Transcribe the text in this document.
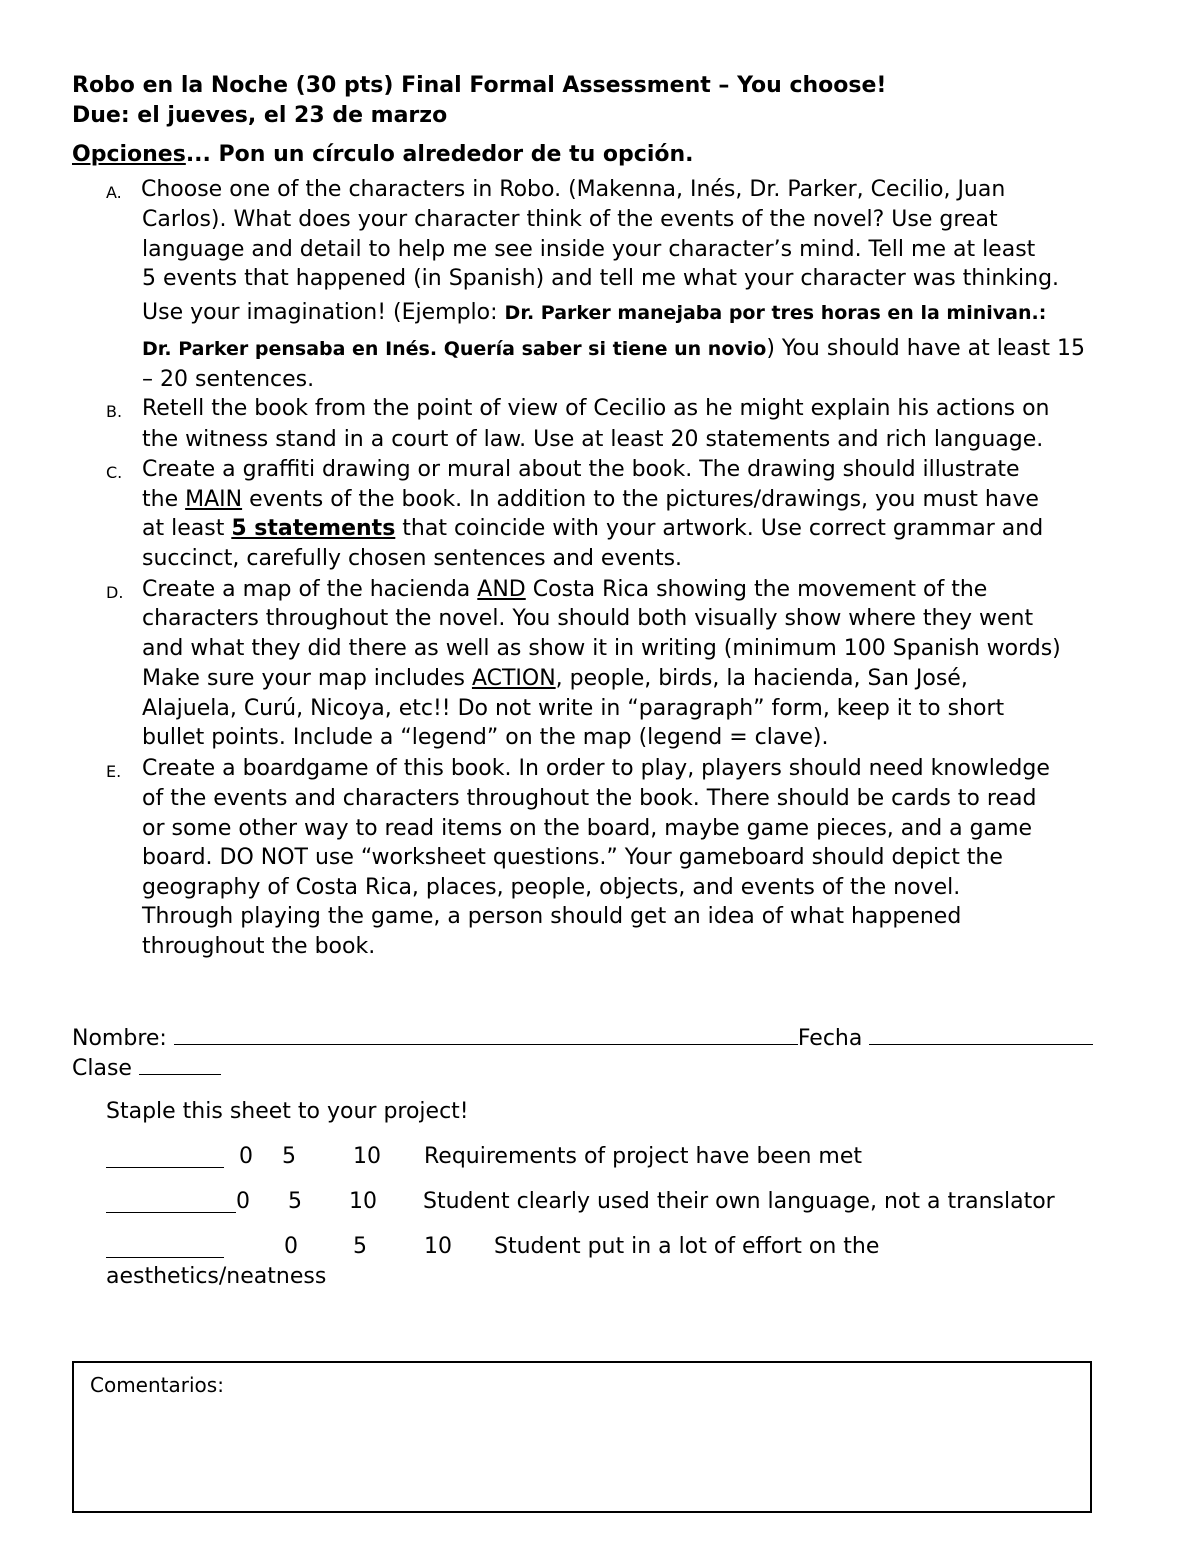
Robo en la Noche (30 pts) Final Formal Assessment – You choose!
Due: el jueves, el 23 de marzo
Opciones... Pon un círculo alrededor de tu opción.
A. Choose one of the characters in Robo. (Makenna, Inés, Dr. Parker, Cecilio, Juan
Carlos). What does your character think of the events of the novel? Use great
language and detail to help me see inside your character’s mind. Tell me at least
5 events that happened (in Spanish) and tell me what your character was thinking.
Use your imagination! (Ejemplo: Dr. Parker manejaba por tres horas en la minivan.:
Dr. Parker pensaba en Inés. Quería saber si tiene un novio) You should have at least 15
– 20 sentences.
B. Retell the book from the point of view of Cecilio as he might explain his actions on
the witness stand in a court of law. Use at least 20 statements and rich language.
C. Create a graffiti drawing or mural about the book. The drawing should illustrate
the MAIN events of the book. In addition to the pictures/drawings, you must have
at least 5 statements that coincide with your artwork. Use correct grammar and
succinct, carefully chosen sentences and events.
D. Create a map of the hacienda AND Costa Rica showing the movement of the
characters throughout the novel. You should both visually show where they went
and what they did there as well as show it in writing (minimum 100 Spanish words)
Make sure your map includes ACTION, people, birds, la hacienda, San José,
Alajuela, Curú, Nicoya, etc!! Do not write in “paragraph” form, keep it to short
bullet points. Include a “legend” on the map (legend = clave).
E. Create a boardgame of this book. In order to play, players should need knowledge
of the events and characters throughout the book. There should be cards to read
or some other way to read items on the board, maybe game pieces, and a game
board. DO NOT use “worksheet questions.” Your gameboard should depict the
geography of Costa Rica, places, people, objects, and events of the novel.
Through playing the game, a person should get an idea of what happened
throughout the book.
Nombre:	Fecha
Clase
Staple this sheet to your project!
0 5	10 Requirements of project have been met
0 5 10 Student clearly used their own language, not a translator
0	5	10 Student put in a lot of effort on the
aesthetics/neatness
Comentarios:
